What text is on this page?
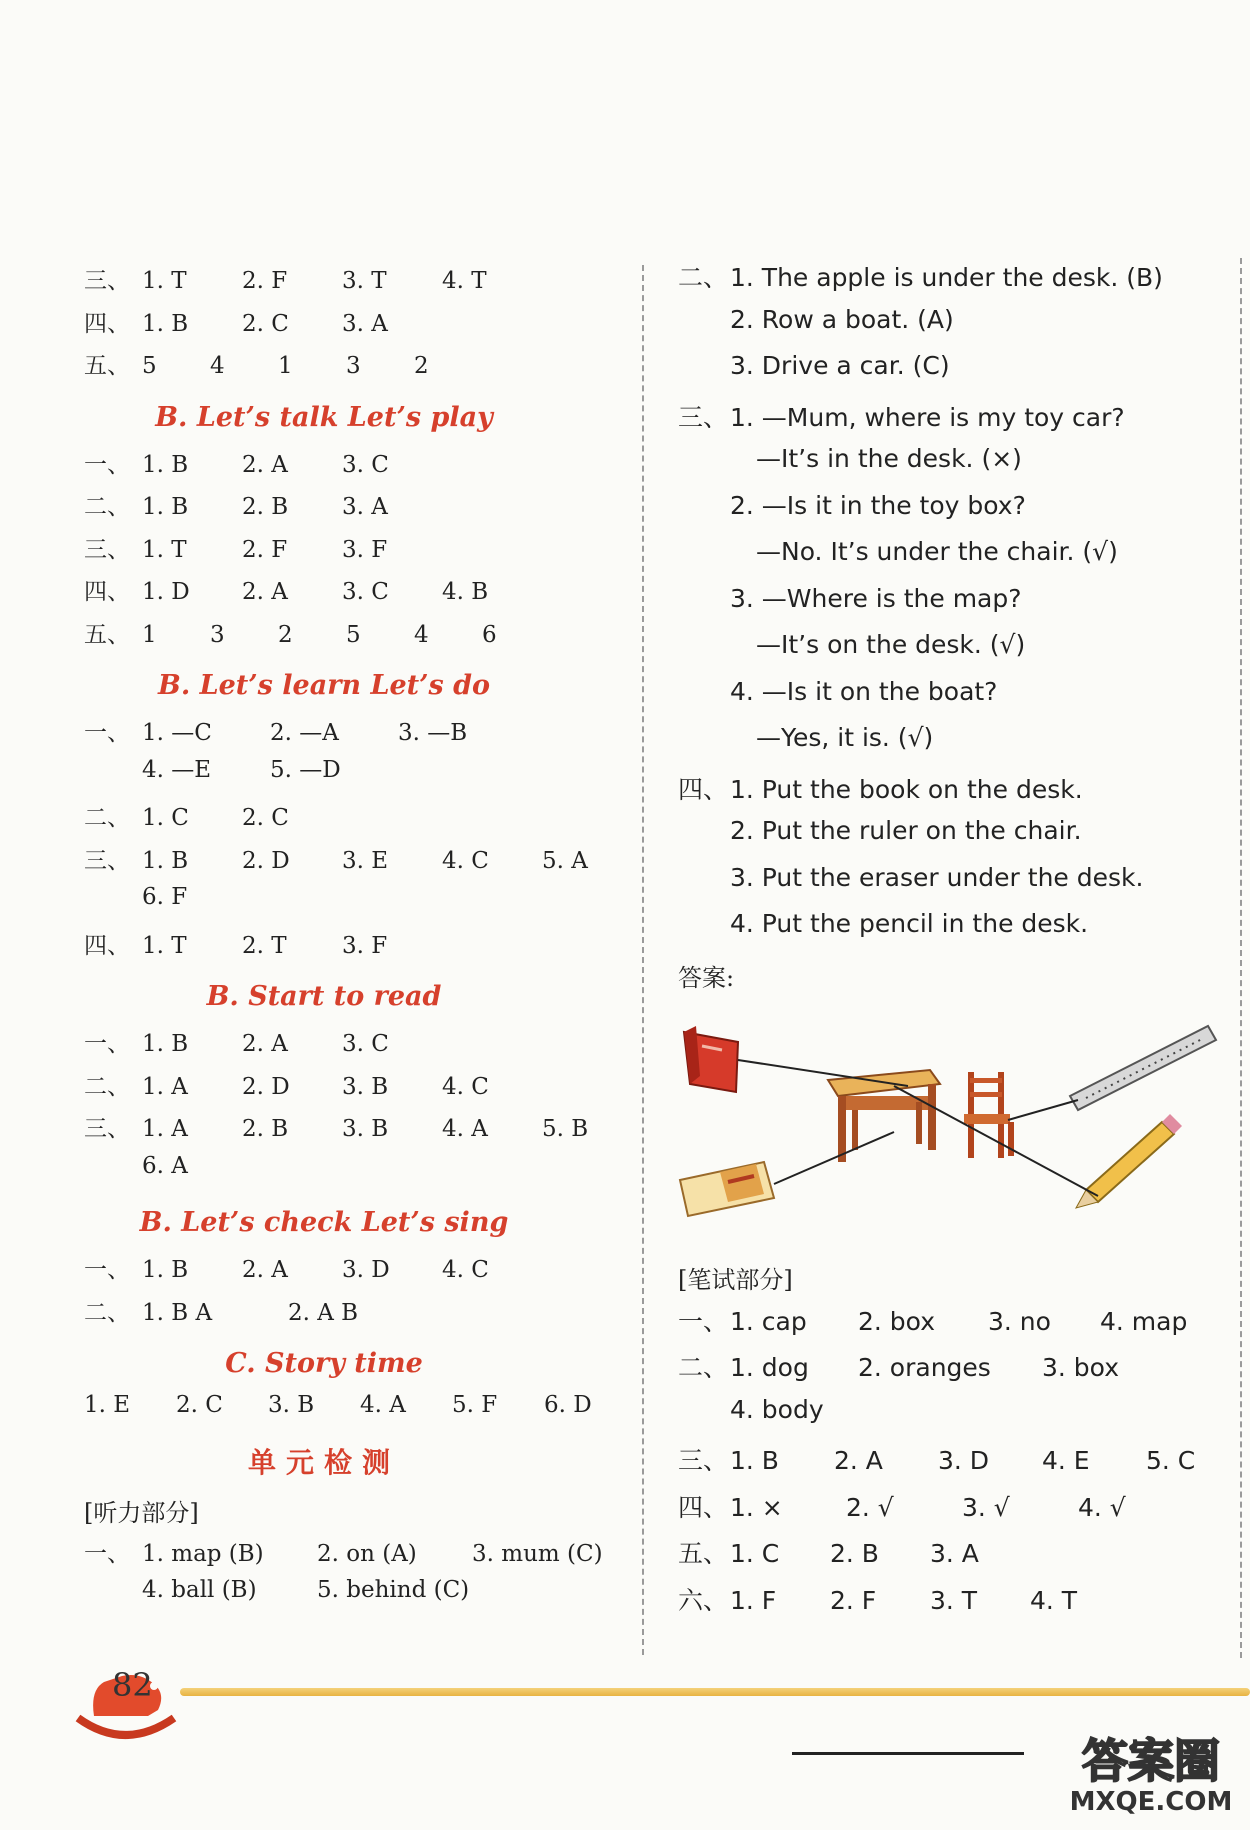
三、 1. T	2. F	3. T	4. T
四、 1. B	2. C	3. A
五、 5	4	1	3	2
B. Let’s talk Let’s play
一、 1. B	2. A	3. C
二、 1. B	2. B	3. A
三、 1. T	2. F	3. F
四、 1. D	2. A	3. C	4. B
五、 1	3	2	5	4	6
B. Let’s learn Let’s do
一、 1. —C	2. —A	3. —B
4. —E	5. —D
二、 1. C	2. C
三、 1. B	2. D	3. E	4. C	5. A
6. F
四、 1. T	2. T	3. F
B. Start to read
一、 1. B	2. A	3. C
二、 1. A	2. D	3. B	4. C
三、 1. A	2. B	3. B	4. A	5. B
6. A
B. Let’s check Let’s sing
一、 1. B	2. A	3. D	4. C
二、 1. B A	2. A B
C. Story time
1. E	2. C	3. B	4. A	5. F	6. D
单元检测
[听力部分]
一、 1. map (B)	2. on (A)	3. mum (C)
4. ball (B)	5. behind (C)
二、 1. The apple is under the desk. (B)
2. Row a boat. (A)
3. Drive a car. (C)
三、 1. —Mum, where is my toy car?
—It’s in the desk. (×)
2. —Is it in the toy box?
—No. It’s under the chair. (√)
3. —Where is the map?
—It’s on the desk. (√)
4. —Is it on the boat?
—Yes, it is. (√)
四、 1. Put the book on the desk.
2. Put the ruler on the chair.
3. Put the eraser under the desk.
4. Put the pencil in the desk.
答案:
[笔试部分]
一、 1. cap	2. box	3. no	4. map
二、 1. dog	2. oranges	3. box
4. body
三、 1. B	2. A	3. D	4. E	5. C
四、 1. ×	2. √	3. √	4. √
五、 1. C	2. B	3. A
六、 1. F	2. F	3. T	4. T
82
答案圈
MXQE.COM
